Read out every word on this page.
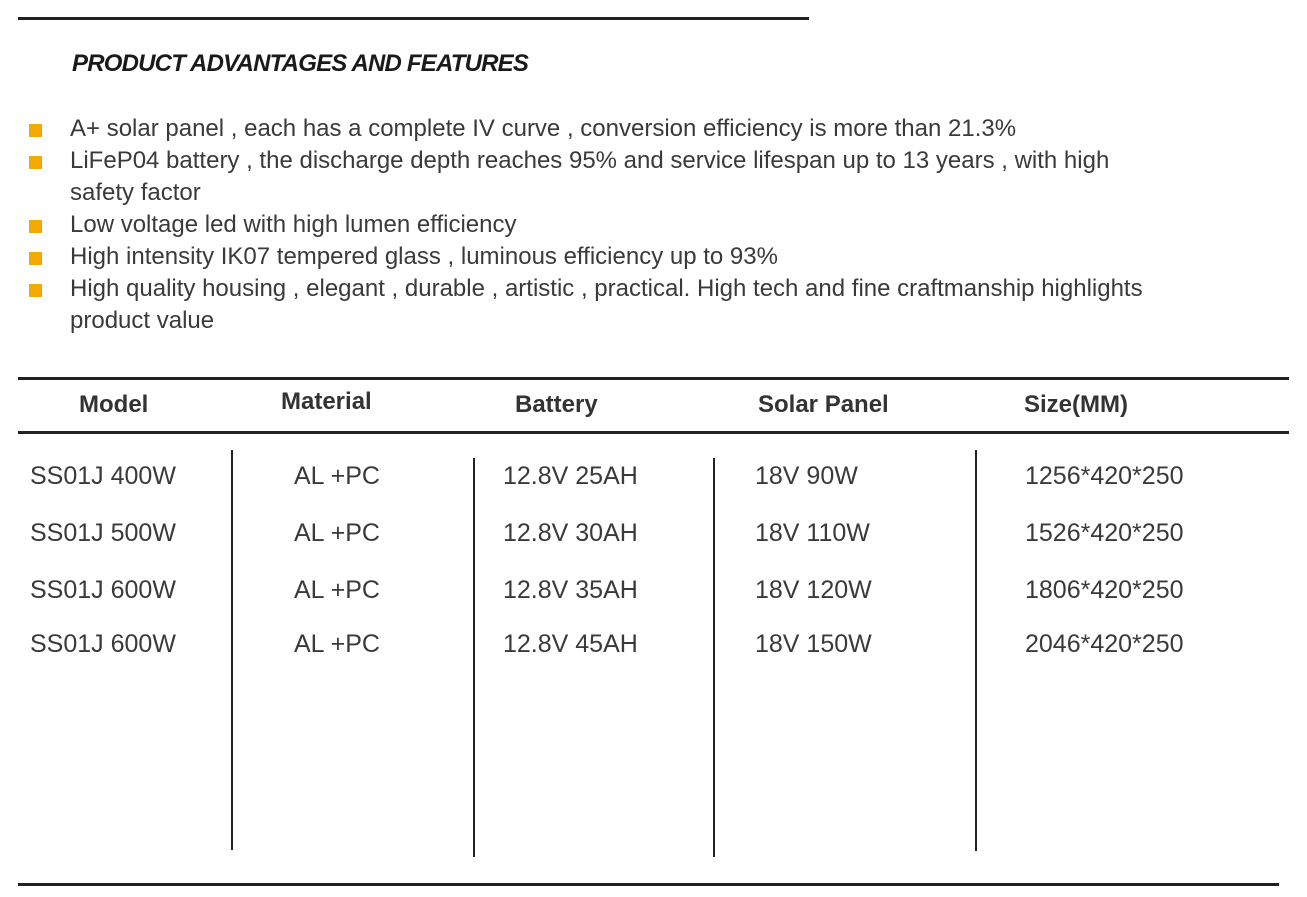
PRODUCT ADVANTAGES AND FEATURES
A+ solar panel , each has a complete IV curve , conversion efficiency is more than 21.3%
LiFeP04 battery , the discharge depth reaches 95% and service lifespan up to 13 years , with high safety factor
Low voltage led with high lumen efficiency
High intensity IK07 tempered glass , luminous efficiency up to 93%
High quality housing , elegant , durable , artistic , practical. High tech and fine craftmanship highlights product value
Model	Material	Battery	Solar Panel	Size(MM)
SS01J 400W	AL +PC	12.8V 25AH	18V 90W	1256*420*250
SS01J 500W	AL +PC	12.8V 30AH	18V 110W	1526*420*250
SS01J 600W	AL +PC	12.8V 35AH	18V 120W	1806*420*250
SS01J 600W	AL +PC	12.8V 45AH	18V 150W	2046*420*250
